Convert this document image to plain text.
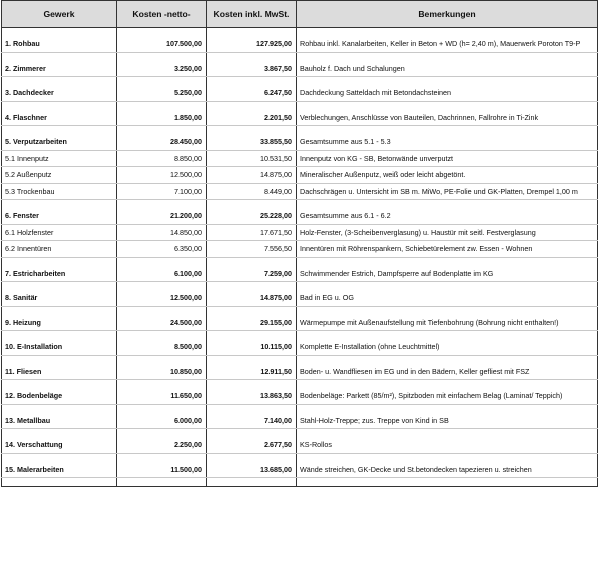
Gewerk	Kosten -netto-	Kosten inkl. MwSt.	Bemerkungen

1. Rohbau	107.500,00	127.925,00	Rohbau inkl. Kanalarbeiten, Keller in Beton + WD (h= 2,40 m), Mauerwerk Poroton T9-P

2. Zimmerer	3.250,00	3.867,50	Bauholz f. Dach und Schalungen

3. Dachdecker	5.250,00	6.247,50	Dachdeckung Satteldach mit Betondachsteinen

4. Flaschner	1.850,00	2.201,50	Verblechungen, Anschlüsse von Bauteilen, Dachrinnen, Fallrohre in Ti-Zink

5. Verputzarbeiten	28.450,00	33.855,50	Gesamtsumme aus 5.1 - 5.3
5.1 Innenputz	8.850,00	10.531,50	Innenputz von KG - SB, Betonwände unverputzt
5.2 Außenputz	12.500,00	14.875,00	Mineralischer Außenputz, weiß oder leicht abgetönt.
5.3 Trockenbau	7.100,00	8.449,00	Dachschrägen u. Untersicht im SB m. MiWo, PE-Folie und GK-Platten, Drempel 1,00 m

6. Fenster	21.200,00	25.228,00	Gesamtsumme aus 6.1 - 6.2
6.1 Holzfenster	14.850,00	17.671,50	Holz-Fenster, (3-Scheibenverglasung) u. Haustür mit seitl. Festverglasung
6.2 Innentüren	6.350,00	7.556,50	Innentüren mit Röhrenspankern, Schiebetürelement zw. Essen - Wohnen

7. Estricharbeiten	6.100,00	7.259,00	Schwimmender Estrich, Dampfsperre auf Bodenplatte im KG

8. Sanitär	12.500,00	14.875,00	Bad in EG u. OG

9. Heizung	24.500,00	29.155,00	Wärmepumpe mit Außenaufstellung mit Tiefenbohrung (Bohrung nicht enthalten!)

10. E-Installation	8.500,00	10.115,00	Komplette E-Installation (ohne Leuchtmittel)

11. Fliesen	10.850,00	12.911,50	Boden- u. Wandfliesen im EG und in den Bädern, Keller gefliest mit FSZ

12. Bodenbeläge	11.650,00	13.863,50	Bodenbeläge: Parkett (85/m²), Spitzboden mit einfachem Belag (Laminat/ Teppich)

13. Metallbau	6.000,00	7.140,00	Stahl-Holz-Treppe; zus. Treppe von Kind in SB

14. Verschattung	2.250,00	2.677,50	KS-Rollos

15. Malerarbeiten	11.500,00	13.685,00	Wände streichen, GK-Decke und St.betondecken tapezieren u. streichen
